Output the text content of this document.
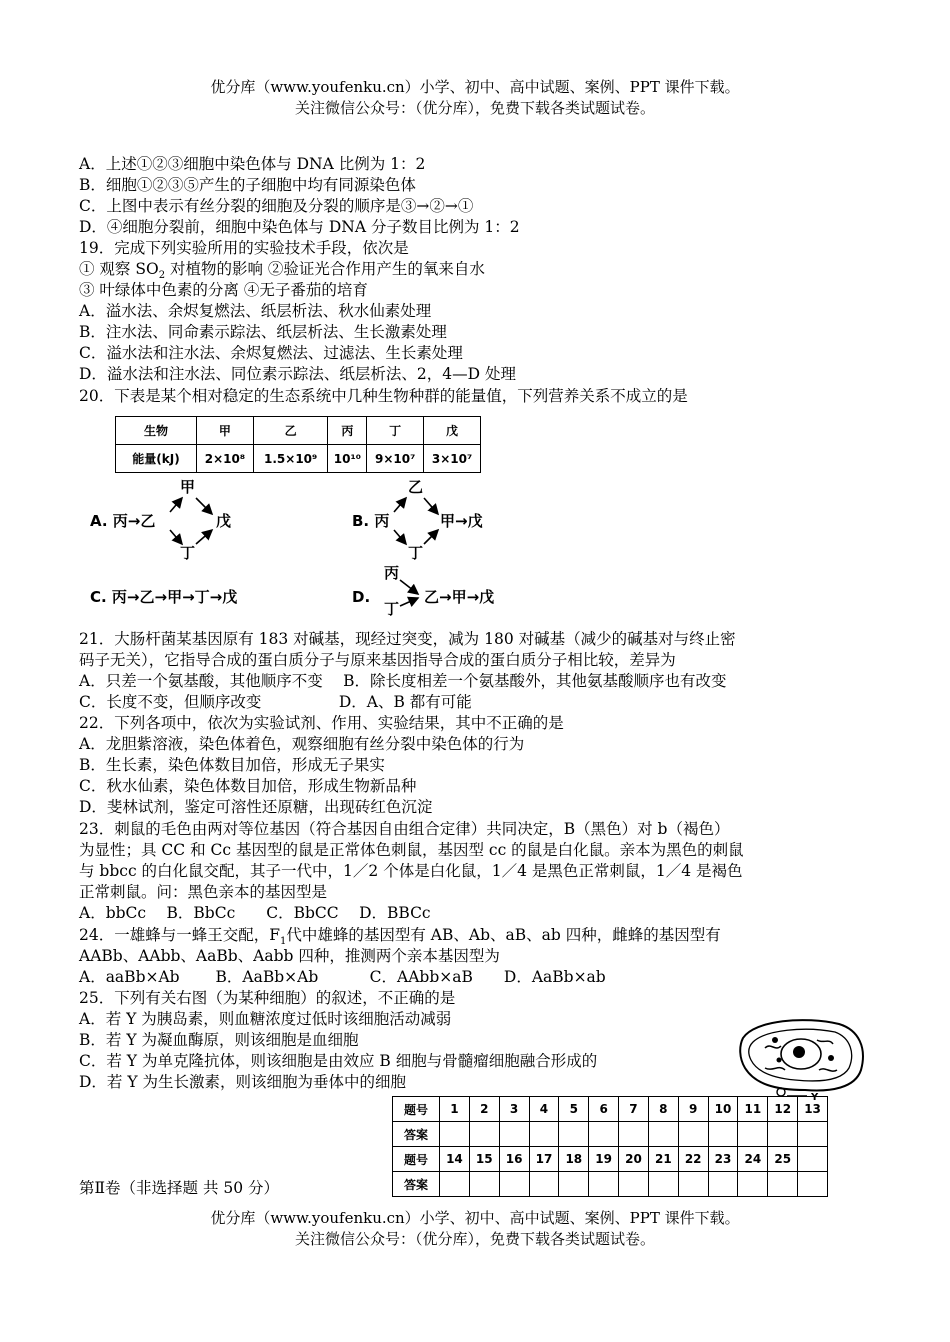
优分库（www.youfenku.cn）小学、初中、高中试题、案例、PPT 课件下载。
关注微信公众号：（优分库），免费下载各类试题试卷。
A．上述①②③细胞中染色体与 DNA 比例为 1：2
B．细胞①②③⑤产生的子细胞中均有同源染色体
C．上图中表示有丝分裂的细胞及分裂的顺序是③→②→①
D．④细胞分裂前，细胞中染色体与 DNA 分子数目比例为 1：2
19．完成下列实验所用的实验技术手段，依次是
① 观察 $SO_2$ 对植物的影响 ②验证光合作用产生的氧来自水
③ 叶绿体中色素的分离 ④无子番茄的培育
A．溢水法、余烬复燃法、纸层析法、秋水仙素处理
B．注水法、同命素示踪法、纸层析法、生长激素处理
C．溢水法和注水法、余烬复燃法、过滤法、生长素处理
D．溢水法和注水法、同位素示踪法、纸层析法、2，4—D 处理
20．下表是某个相对稳定的生态系统中几种生物种群的能量值，下列营养关系不成立的是
生物	甲	乙	丙	丁	戊
能量(kJ)	2×10⁸	1.5×10⁹	10¹⁰	9×10⁷	3×10⁷
A. 丙→乙
甲
戊
丁
B. 丙
乙
甲→戊
丁
C. 丙→乙→甲→丁→戊	D.
丙
丁
乙→甲→戊
21．大肠杆菌某基因原有 183 对碱基，现经过突变，减为 180 对碱基（减少的碱基对与终止密
码子无关），它指导合成的蛋白质分子与原来基因指导合成的蛋白质分子相比较，差异为
A．只差一个氨基酸，其他顺序不变　 B．除长度相差一个氨基酸外，其他氨基酸顺序也有改变
C．长度不变，但顺序改变　　　　　D．A、B 都有可能
22．下列各项中，依次为实验试剂、作用、实验结果，其中不正确的是
A．龙胆紫溶液，染色体着色，观察细胞有丝分裂中染色体的行为
B．生长素，染色体数目加倍，形成无子果实
C．秋水仙素，染色体数目加倍，形成生物新品种
D．斐林试剂，鉴定可溶性还原糖，出现砖红色沉淀
23．刺鼠的毛色由两对等位基因（符合基因自由组合定律）共同决定，B（黑色）对 b（褐色）
为显性；具 CC 和 Cc 基因型的鼠是正常体色刺鼠，基因型 cc 的鼠是白化鼠。亲本为黑色的刺鼠
与 bbcc 的白化鼠交配，其子一代中，1／2 个体是白化鼠，1／4 是黑色正常刺鼠，1／4 是褐色
正常刺鼠。问：黑色亲本的基因型是
A．bbCc　 B．BbCc　　C．BbCC　 D．BBCc
24．一雄蜂与一蜂王交配，$F_1$代中雄蜂的基因型有 AB、Ab、aB、ab 四种，雌蜂的基因型有
AABb、AAbb、AaBb、Aabb 四种，推测两个亲本基因型为
A．aaBb×Ab　　 B．AaBb×Ab　　　 C．AAbb×aB　　D．AaBb×ab
25．下列有关右图（为某种细胞）的叙述，不正确的是
A．若 Y 为胰岛素，则血糖浓度过低时该细胞活动减弱
B．若 Y 为凝血酶原，则该细胞是血细胞
C．若 Y 为单克隆抗体，则该细胞是由效应 B 细胞与骨髓瘤细胞融合形成的
D．若 Y 为生长激素，则该细胞为垂体中的细胞
Y
题号	1	2	3	4	5	6	7	8	9	10	11	12	13
答案													
题号	14	15	16	17	18	19	20	21	22	23	24	25	
答案													
第Ⅱ卷（非选择题 共 50 分）
优分库（www.youfenku.cn）小学、初中、高中试题、案例、PPT 课件下载。
关注微信公众号：（优分库），免费下载各类试题试卷。
